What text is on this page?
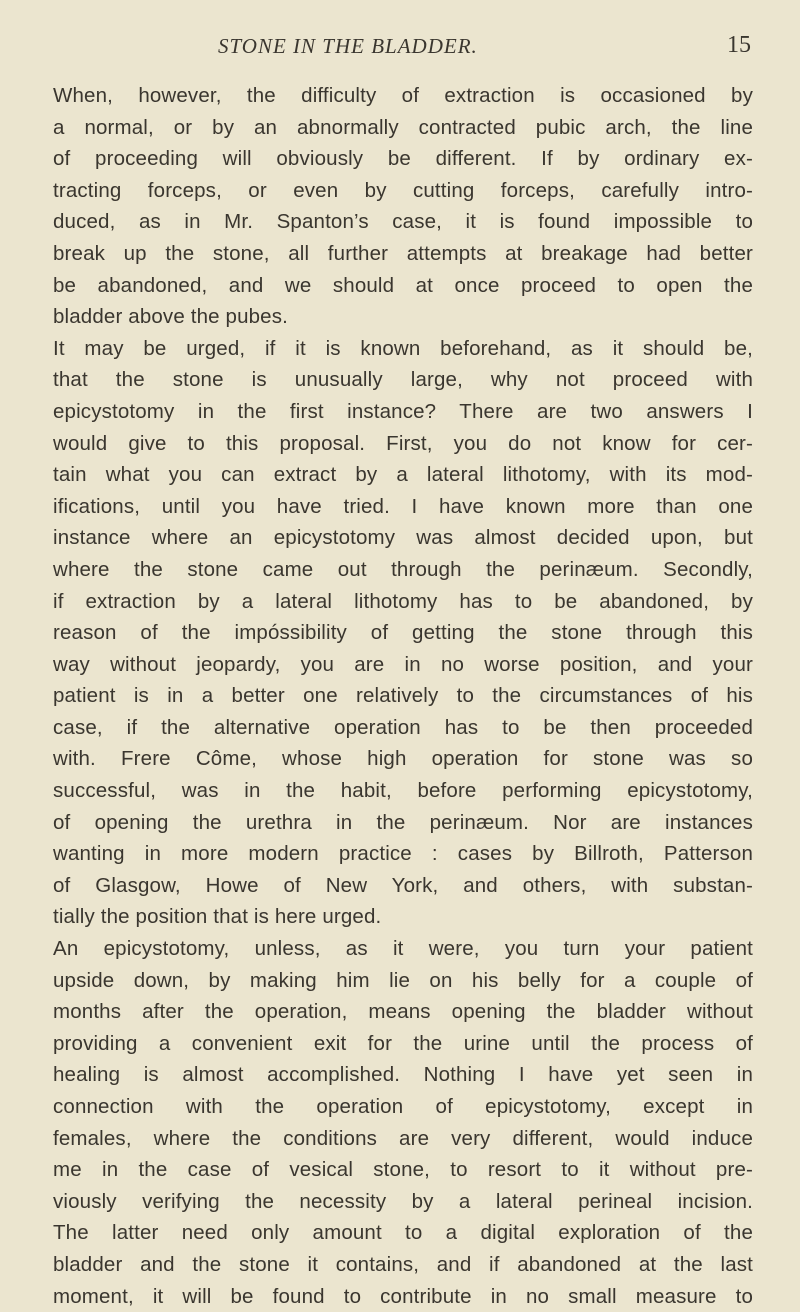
STONE IN THE BLADDER.	15
When, however, the difficulty of extraction is occasioned by
a normal, or by an abnormally contracted pubic arch, the line
of proceeding will obviously be different. If by ordinary ex-
tracting forceps, or even by cutting forceps, carefully intro-
duced, as in Mr. Spanton’s case, it is found impossible to
break up the stone, all further attempts at breakage had better
be abandoned, and we should at once proceed to open the
bladder above the pubes.
It may be urged, if it is known beforehand, as it should be,
that the stone is unusually large, why not proceed with
epicystotomy in the first instance? There are two answers I
would give to this proposal. First, you do not know for cer-
tain what you can extract by a lateral lithotomy, with its mod-
ifications, until you have tried. I have known more than one
instance where an epicystotomy was almost decided upon, but
where the stone came out through the perinæum. Secondly,
if extraction by a lateral lithotomy has to be abandoned, by
reason of the impóssibility of getting the stone through this
way without jeopardy, you are in no worse position, and your
patient is in a better one relatively to the circumstances of his
case, if the alternative operation has to be then proceeded
with. Frere Côme, whose high operation for stone was so
successful, was in the habit, before performing epicystotomy,
of opening the urethra in the perinæum. Nor are instances
wanting in more modern practice : cases by Billroth, Patterson
of Glasgow, Howe of New York, and others, with substan-
tially the position that is here urged.
An epicystotomy, unless, as it were, you turn your patient
upside down, by making him lie on his belly for a couple of
months after the operation, means opening the bladder without
providing a convenient exit for the urine until the process of
healing is almost accomplished. Nothing I have yet seen in
connection with the operation of epicystotomy, except in
females, where the conditions are very different, would induce
me in the case of vesical stone, to resort to it without pre-
viously verifying the necessity by a lateral perineal incision.
The latter need only amount to a digital exploration of the
bladder and the stone it contains, and if abandoned at the last
moment, it will be found to contribute in no small measure to
